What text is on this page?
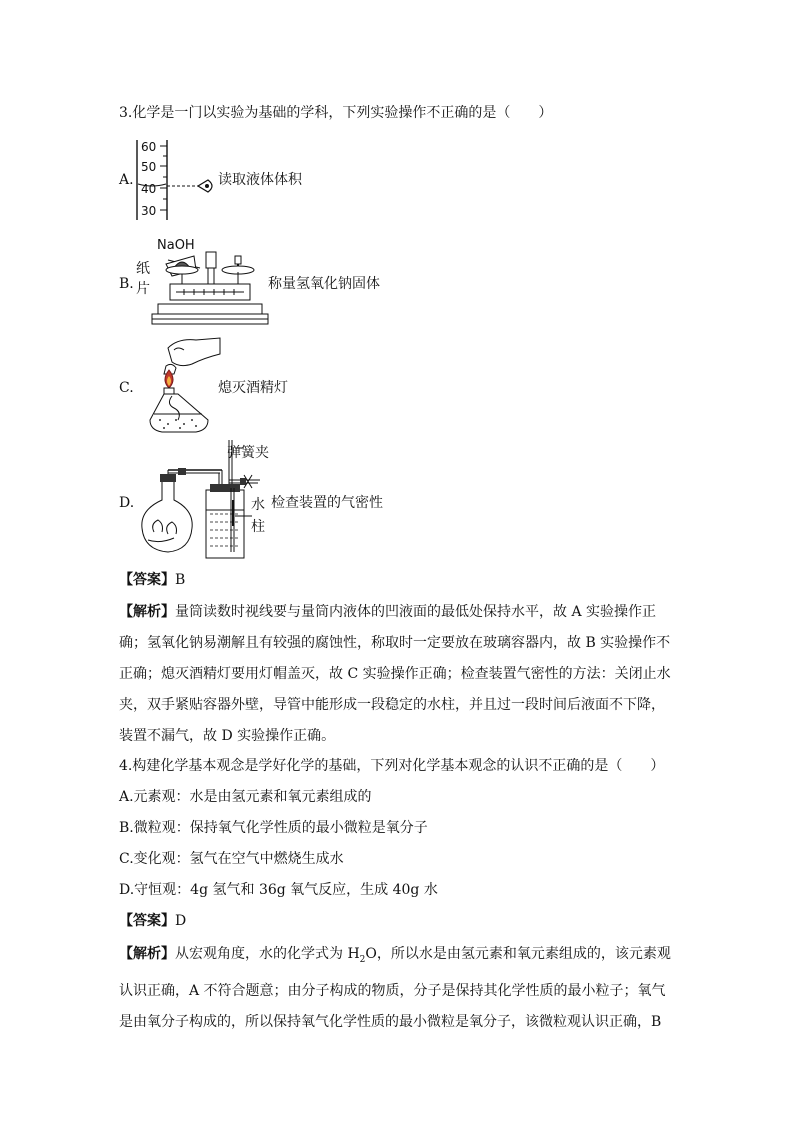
3.化学是一门以实验为基础的学科，下列实验操作不正确的是（　　）
A.
60
50
40
30
读取液体体积
B.
NaOH
纸
片	称量氢氧化钠固体
C.	熄灭酒精灯
D.
弹簧夹
水
柱
检查装置的气密性
【答案】B
【解析】量筒读数时视线要与量筒内液体的凹液面的最低处保持水平，故 A 实验操作正
确；氢氧化钠易潮解且有较强的腐蚀性，称取时一定要放在玻璃容器内，故 B 实验操作不
正确；熄灭酒精灯要用灯帽盖灭，故 C 实验操作正确；检查装置气密性的方法：关闭止水
夹，双手紧贴容器外壁，导管中能形成一段稳定的水柱，并且过一段时间后液面不下降，
装置不漏气，故 D 实验操作正确。
4.构建化学基本观念是学好化学的基础，下列对化学基本观念的认识不正确的是（　　）
A.元素观：水是由氢元素和氧元素组成的
B.微粒观：保持氧气化学性质的最小微粒是氧分子
C.变化观：氢气在空气中燃烧生成水
D.守恒观：4g 氢气和 36g 氧气反应，生成 40g 水
【答案】D
【解析】从宏观角度，水的化学式为 $H_2O$，所以水是由氢元素和氧元素组成的，该元素观
认识正确，A 不符合题意；由分子构成的物质，分子是保持其化学性质的最小粒子；氧气
是由氧分子构成的，所以保持氧气化学性质的最小微粒是氧分子，该微粒观认识正确，B
